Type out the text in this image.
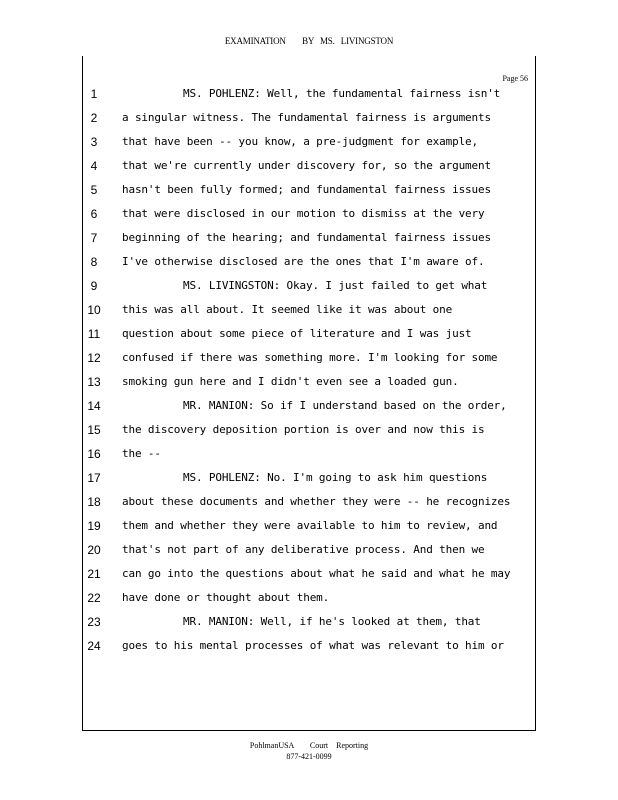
EXAMINATION        BY   MS.   LIVINGSTON
Page 56
1	MS. POHLENZ: Well, the fundamental fairness isn't
2	a singular witness. The fundamental fairness is arguments
3	that have been -- you know, a pre-judgment for example,
4	that we're currently under discovery for, so the argument
5	hasn't been fully formed; and fundamental fairness issues
6	that were disclosed in our motion to dismiss at the very
7	beginning of the hearing; and fundamental fairness issues
8	I've otherwise disclosed are the ones that I'm aware of.
9	MS. LIVINGSTON: Okay. I just failed to get what
10	this was all about. It seemed like it was about one
11	question about some piece of literature and I was just
12	confused if there was something more. I'm looking for some
13	smoking gun here and I didn't even see a loaded gun.
14	MR. MANION: So if I understand based on the order,
15	the discovery deposition portion is over and now this is
16	the --
17	MS. POHLENZ: No. I'm going to ask him questions
18	about these documents and whether they were -- he recognizes
19	them and whether they were available to him to review, and
20	that's not part of any deliberative process. And then we
21	can go into the questions about what he said and what he may
22	have done or thought about them.
23	MR. MANION: Well, if he's looked at them, that
24	goes to his mental processes of what was relevant to him or
PohlmanUSA        Court    Reporting
877-421-0099
